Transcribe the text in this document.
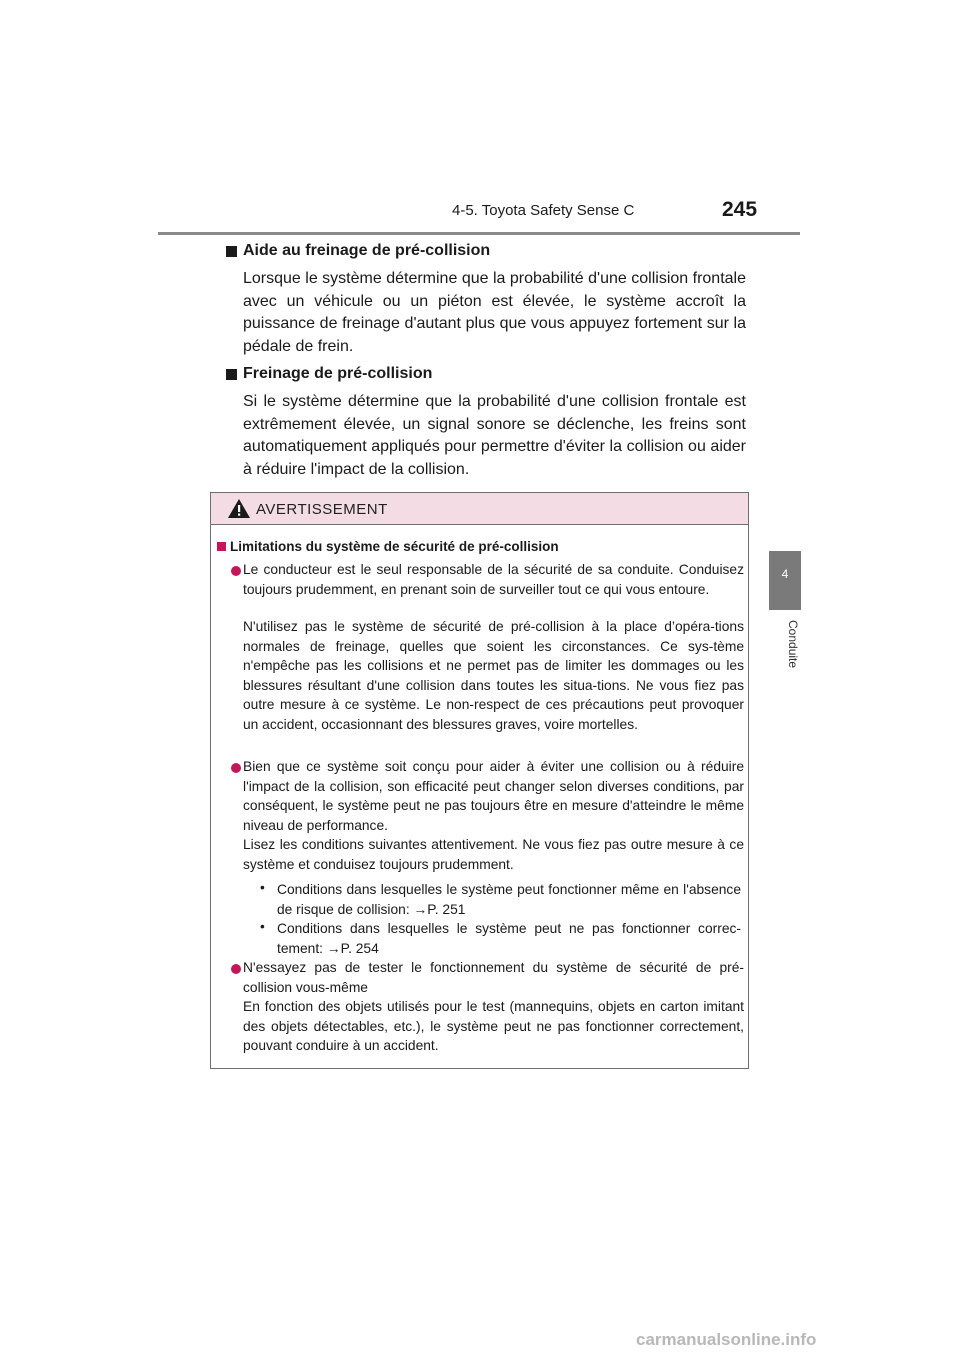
4-5. Toyota Safety Sense C	245
4
Conduite
Aide au freinage de pré-collision
Lorsque le système détermine que la probabilité d'une collision frontale avec un véhicule ou un piéton est élevée, le système accroît la puissance de freinage d'autant plus que vous appuyez fortement sur la pédale de frein.
Freinage de pré-collision
Si le système détermine que la probabilité d'une collision frontale est extrêmement élevée, un signal sonore se déclenche, les freins sont automatiquement appliqués pour permettre d'éviter la collision ou aider à réduire l'impact de la collision.
AVERTISSEMENT
Limitations du système de sécurité de pré-collision
Le conducteur est le seul responsable de la sécurité de sa conduite. Conduisez toujours prudemment, en prenant soin de surveiller tout ce qui vous entoure.
N'utilisez pas le système de sécurité de pré-collision à la place d’opéra-tions normales de freinage, quelles que soient les circonstances. Ce sys-tème n'empêche pas les collisions et ne permet pas de limiter les dommages ou les blessures résultant d'une collision dans toutes les situa-tions. Ne vous fiez pas outre mesure à ce système. Le non-respect de ces précautions peut provoquer un accident, occasionnant des blessures graves, voire mortelles.
Bien que ce système soit conçu pour aider à éviter une collision ou à réduire l'impact de la collision, son efficacité peut changer selon diverses conditions, par conséquent, le système peut ne pas toujours être en mesure d'atteindre le même niveau de performance.
Lisez les conditions suivantes attentivement. Ne vous fiez pas outre mesure à ce système et conduisez toujours prudemment.
• Conditions dans lesquelles le système peut fonctionner même en l'absence de risque de collision: →P. 251
• Conditions dans lesquelles le système peut ne pas fonctionner correc-tement: →P. 254
N'essayez pas de tester le fonctionnement du système de sécurité de pré-collision vous-même
En fonction des objets utilisés pour le test (mannequins, objets en carton imitant des objets détectables, etc.), le système peut ne pas fonctionner correctement, pouvant conduire à un accident.
carmanualsonline.info
